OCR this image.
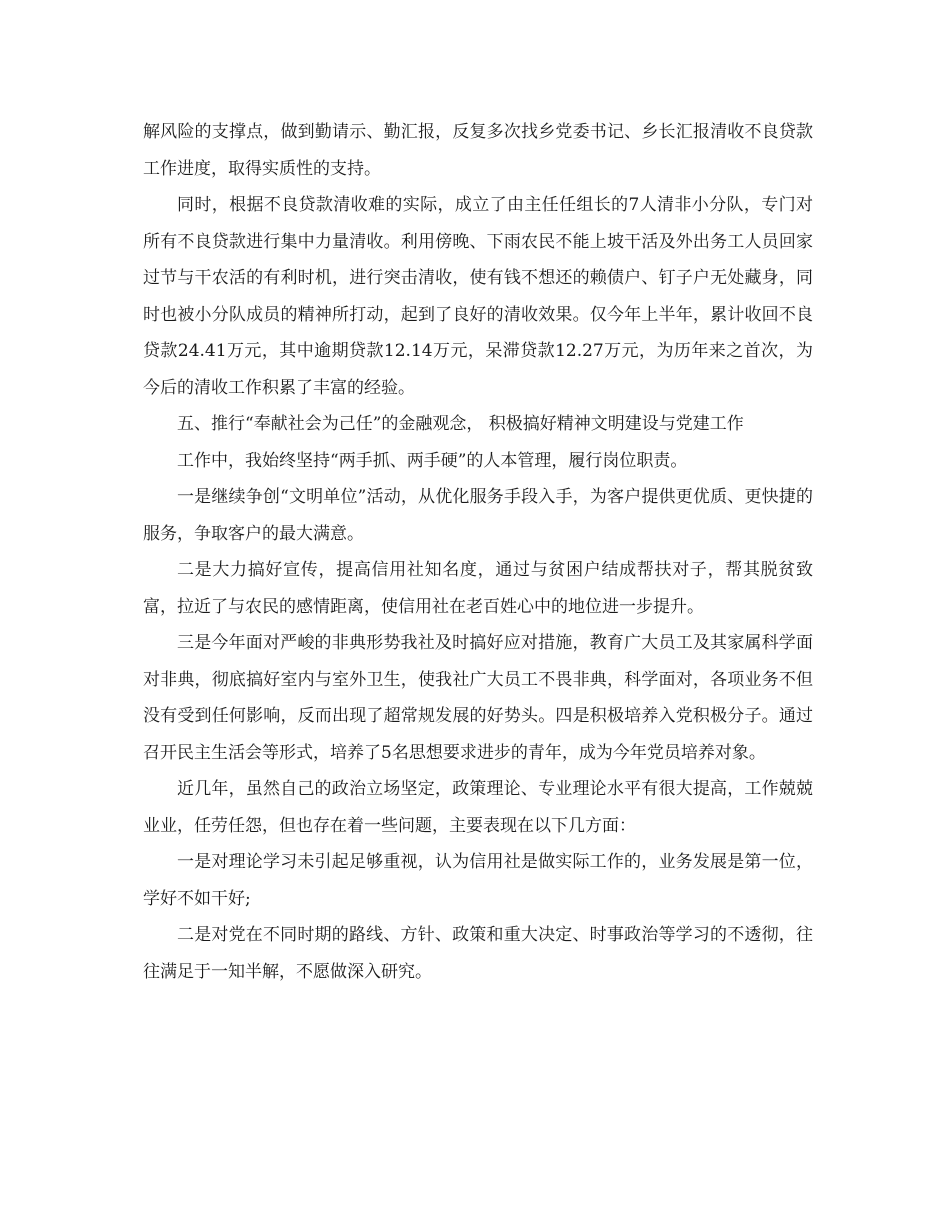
解风险的支撑点，做到勤请示、勤汇报，反复多次找乡党委书记、乡长汇报清收不良贷款工作进度，取得实质性的支持。

同时，根据不良贷款清收难的实际，成立了由主任任组长的7人清非小分队，专门对所有不良贷款进行集中力量清收。利用傍晚、下雨农民不能上坡干活及外出务工人员回家过节与干农活的有利时机，进行突击清收，使有钱不想还的赖债户、钉子户无处藏身，同时也被小分队成员的精神所打动，起到了良好的清收效果。仅今年上半年，累计收回不良贷款24.41万元，其中逾期贷款12.14万元，呆滞贷款12.27万元，为历年来之首次，为今后的清收工作积累了丰富的经验。

五、推行“奉献社会为己任”的金融观念， 积极搞好精神文明建设与党建工作

工作中，我始终坚持“两手抓、两手硬”的人本管理，履行岗位职责。

一是继续争创“文明单位”活动，从优化服务手段入手，为客户提供更优质、更快捷的服务，争取客户的最大满意。

二是大力搞好宣传，提高信用社知名度，通过与贫困户结成帮扶对子，帮其脱贫致富，拉近了与农民的感情距离，使信用社在老百姓心中的地位进一步提升。

三是今年面对严峻的非典形势我社及时搞好应对措施，教育广大员工及其家属科学面对非典，彻底搞好室内与室外卫生，使我社广大员工不畏非典，科学面对，各项业务不但没有受到任何影响，反而出现了超常规发展的好势头。四是积极培养入党积极分子。通过召开民主生活会等形式，培养了5名思想要求进步的青年，成为今年党员培养对象。

近几年，虽然自己的政治立场坚定，政策理论、专业理论水平有很大提高，工作兢兢业业，任劳任怨，但也存在着一些问题，主要表现在以下几方面：

一是对理论学习未引起足够重视，认为信用社是做实际工作的，业务发展是第一位，学好不如干好;

二是对党在不同时期的路线、方针、政策和重大决定、时事政治等学习的不透彻，往往满足于一知半解，不愿做深入研究。
